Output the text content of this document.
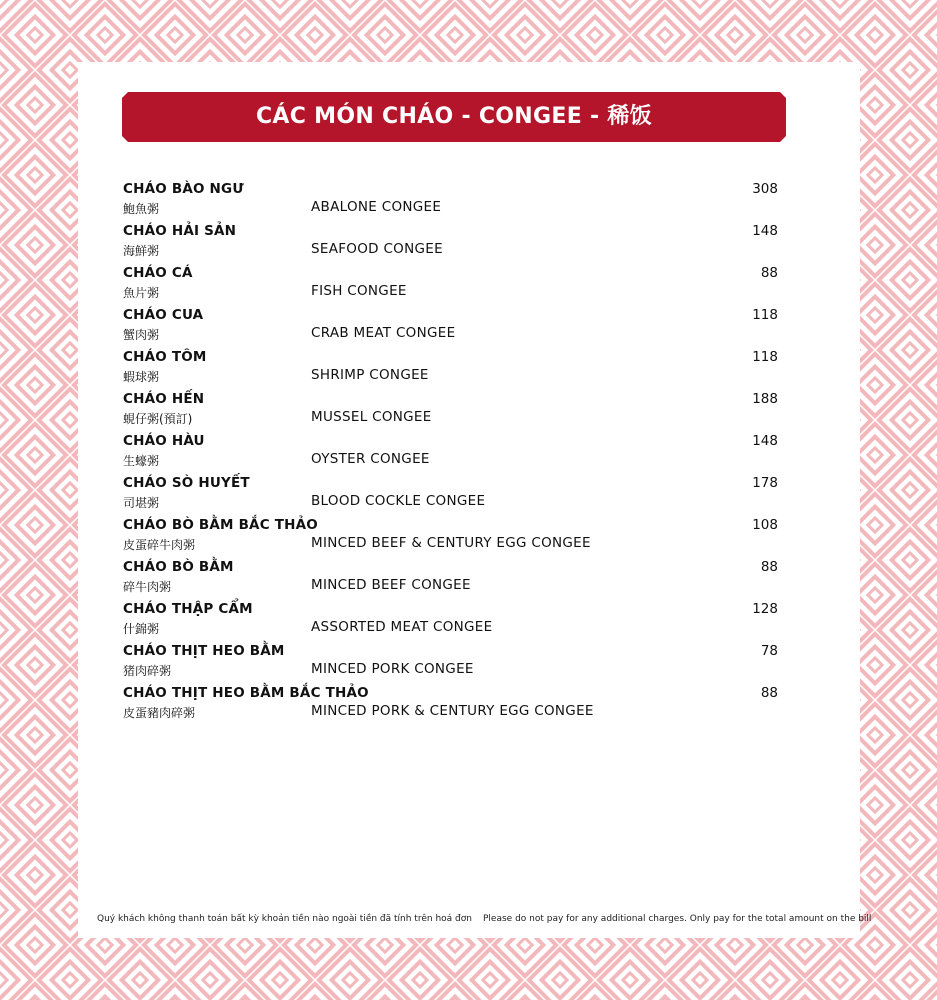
CÁC MÓN CHÁO - CONGEE - 稀饭
CHÁO BÀO NGƯ
鮑魚粥	ABALONE CONGEE
308
CHÁO HẢI SẢN
海鮮粥	SEAFOOD CONGEE
148
CHÁO CÁ
魚片粥	FISH CONGEE
88
CHÁO CUA
蟹肉粥	CRAB MEAT CONGEE
118
CHÁO TÔM
蝦球粥	SHRIMP CONGEE
118
CHÁO HẾN
蜆仔粥(預訂)	MUSSEL CONGEE
188
CHÁO HÀU
生蠔粥	OYSTER CONGEE
148
CHÁO SÒ HUYẾT
司堪粥	BLOOD COCKLE CONGEE
178
CHÁO BÒ BẰM BẮC THẢO
皮蛋碎牛肉粥	MINCED BEEF & CENTURY EGG CONGEE
108
CHÁO BÒ BẰM
碎牛肉粥	MINCED BEEF CONGEE
88
CHÁO THẬP CẨM
什錦粥	ASSORTED MEAT CONGEE
128
CHÁO THỊT HEO BẰM
猪肉碎粥	MINCED PORK CONGEE
78
CHÁO THỊT HEO BẰM BẮC THẢO
皮蛋豬肉碎粥	MINCED PORK & CENTURY EGG CONGEE
88
Quý khách không thanh toán bất kỳ khoản tiền nào ngoài tiền đã tính trên hoá đơn Please do not pay for any additional charges. Only pay for the total amount on the bill
